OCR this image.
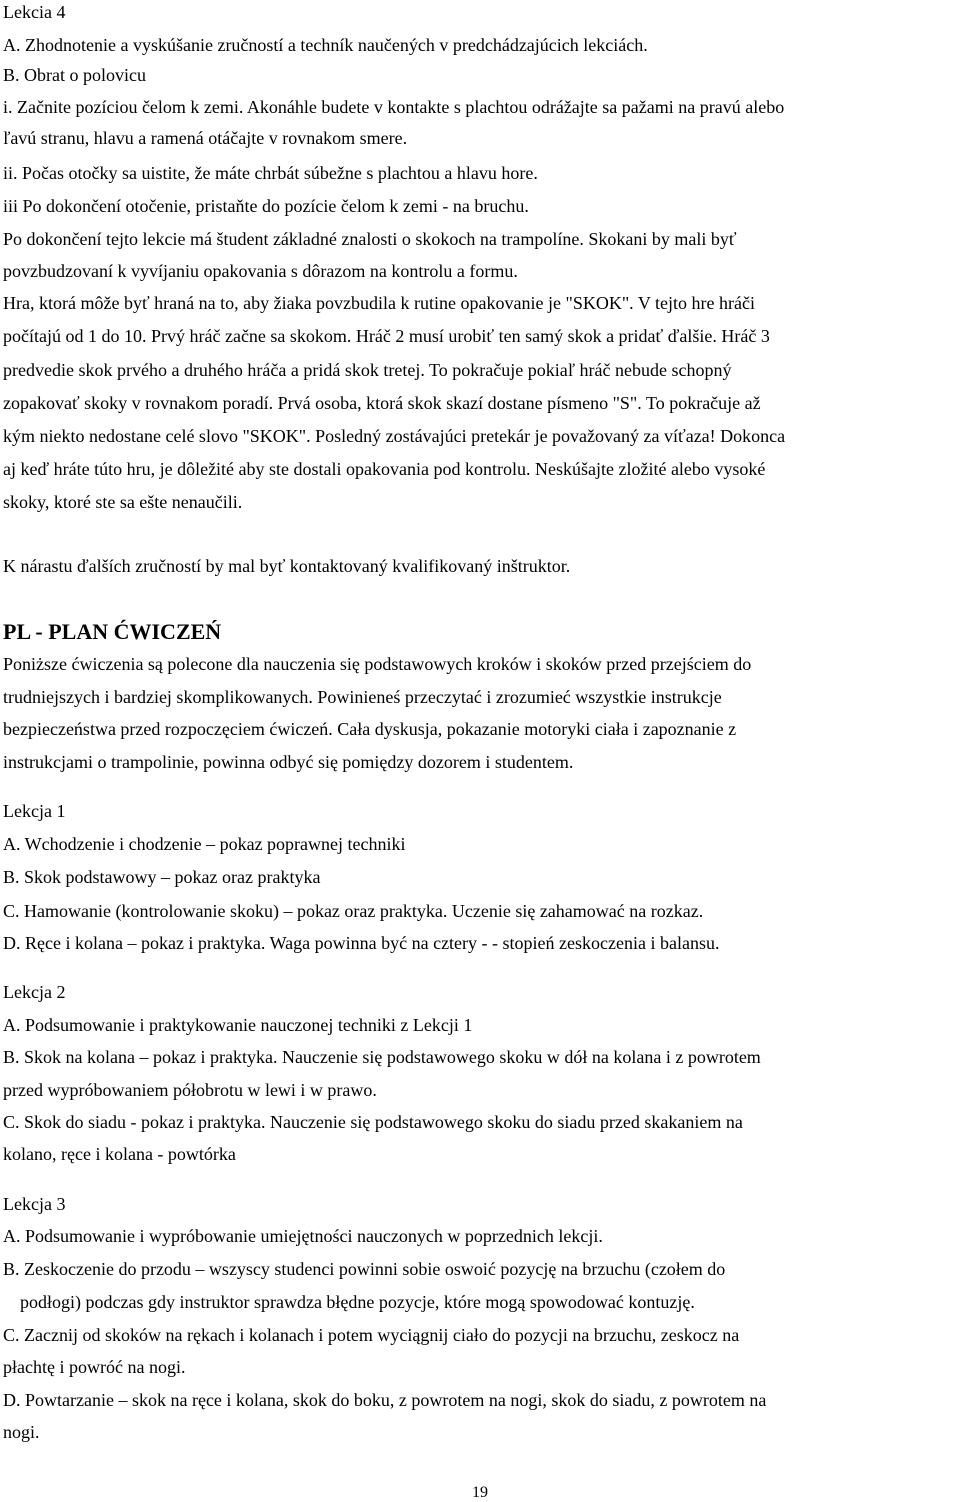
Lekcia 4
A. Zhodnotenie a vyskúšanie zručností a techník naučených v predchádzajúcich lekciách.
B. Obrat o polovicu
i. Začnite pozíciou čelom k zemi. Akonáhle budete v kontakte s plachtou odrážajte sa pažami na pravú alebo
ľavú stranu, hlavu a ramená otáčajte v rovnakom smere.
ii. Počas otočky sa uistite, že máte chrbát súbežne s plachtou a hlavu hore.
iii Po dokončení otočenie, pristaňte do pozície čelom k zemi - na bruchu.
Po dokončení tejto lekcie má študent základné znalosti o skokoch na trampolíne. Skokani by mali byť
povzbudzovaní k vyvíjaniu opakovania s dôrazom na kontrolu a formu.
Hra, ktorá môže byť hraná na to, aby žiaka povzbudila k rutine opakovanie je "SKOK". V tejto hre hráči
počítajú od 1 do 10. Prvý hráč začne sa skokom. Hráč 2 musí urobiť ten samý skok a pridať ďalšie. Hráč 3
predvedie skok prvého a druhého hráča a pridá skok tretej. To pokračuje pokiaľ hráč nebude schopný
zopakovať skoky v rovnakom poradí. Prvá osoba, ktorá skok skazí dostane písmeno "S". To pokračuje až
kým niekto nedostane celé slovo "SKOK". Posledný zostávajúci pretekár je považovaný za víťaza! Dokonca
aj keď hráte túto hru, je dôležité aby ste dostali opakovania pod kontrolu. Neskúšajte zložité alebo vysoké
skoky, ktoré ste sa ešte nenaučili.
K nárastu ďalších zručností by mal byť kontaktovaný kvalifikovaný inštruktor.
PL - PLAN ĆWICZEŃ
Poniższe ćwiczenia są polecone dla nauczenia się podstawowych kroków i skoków przed przejściem do
trudniejszych i bardziej skomplikowanych. Powinieneś przeczytać i zrozumieć wszystkie instrukcje
bezpieczeństwa przed rozpoczęciem ćwiczeń. Cała dyskusja, pokazanie motoryki ciała i zapoznanie z
instrukcjami o trampolinie, powinna odbyć się pomiędzy dozorem i studentem.
Lekcja 1
A. Wchodzenie i chodzenie – pokaz poprawnej techniki
B. Skok podstawowy – pokaz oraz praktyka
C. Hamowanie (kontrolowanie skoku) – pokaz oraz praktyka. Uczenie się zahamować na rozkaz.
D. Ręce i kolana – pokaz i praktyka. Waga powinna być na cztery - - stopień zeskoczenia i balansu.
Lekcja 2
A. Podsumowanie i praktykowanie nauczonej techniki z Lekcji 1
B. Skok na kolana – pokaz i praktyka. Nauczenie się podstawowego skoku w dół na kolana i z powrotem
przed wypróbowaniem półobrotu w lewi i w prawo.
C. Skok do siadu - pokaz i praktyka. Nauczenie się podstawowego skoku do siadu przed skakaniem na
kolano, ręce i kolana - powtórka
Lekcja 3
A. Podsumowanie i wypróbowanie umiejętności nauczonych w poprzednich lekcji.
B. Zeskoczenie do przodu – wszyscy studenci powinni sobie oswoić pozycję na brzuchu (czołem do
podłogi) podczas gdy instruktor sprawdza błędne pozycje, które mogą spowodować kontuzję.
C. Zacznij od skoków na rękach i kolanach i potem wyciągnij ciało do pozycji na brzuchu, zeskocz na
płachtę i powróć na nogi.
D. Powtarzanie – skok na ręce i kolana, skok do boku, z powrotem na nogi, skok do siadu, z powrotem na
nogi.
19
